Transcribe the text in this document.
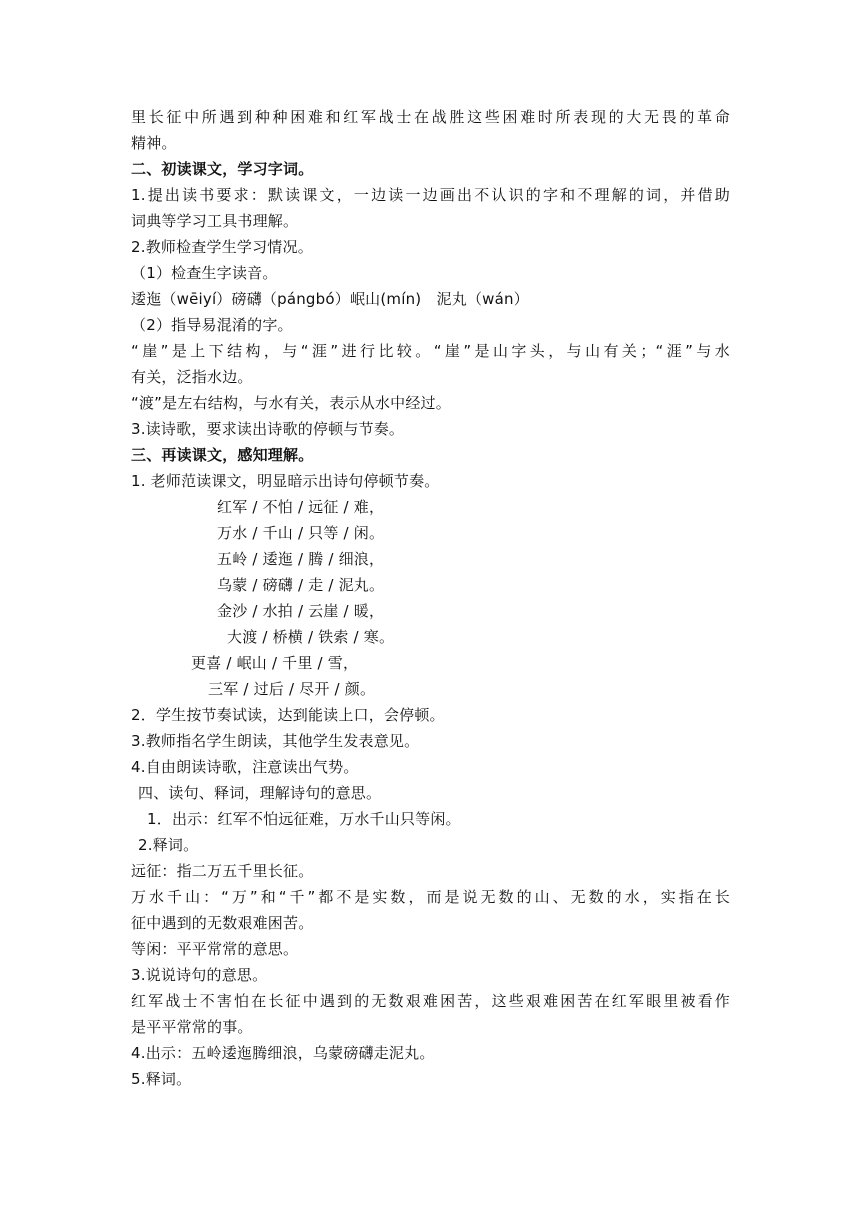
里长征中所遇到种种困难和红军战士在战胜这些困难时所表现的大无畏的革命
精神。
二、初读课文，学习字词。
1.提出读书要求：默读课文，一边读一边画出不认识的字和不理解的词，并借助
词典等学习工具书理解。
2.教师检查学生学习情况。
（1）检查生字读音。
逶迤（wēiyí）磅礴（pángbó）岷山(mín)　泥丸（wán）
（2）指导易混淆的字。
“崖”是上下结构，与“涯”进行比较。“崖”是山字头，与山有关；“涯”与水
有关，泛指水边。
“渡”是左右结构，与水有关，表示从水中经过。
3.读诗歌，要求读出诗歌的停顿与节奏。
三、再读课文，感知理解。
1. 老师范读课文，明显暗示出诗句停顿节奏。
红军 / 不怕 / 远征 / 难，
万水 / 千山 / 只等 / 闲。
五岭 / 逶迤 / 腾 / 细浪，
乌蒙 / 磅礴 / 走 / 泥丸。
金沙 / 水拍 / 云崖 / 暖，
大渡 / 桥横 / 铁索 / 寒。
更喜 / 岷山 / 千里 / 雪，
三军 / 过后 / 尽开 / 颜。
2．学生按节奏试读，达到能读上口，会停顿。
3.教师指名学生朗读，其他学生发表意见。
4.自由朗读诗歌，注意读出气势。
四、读句、释词，理解诗句的意思。
1．出示：红军不怕远征难，万水千山只等闲。
2.释词。
远征：指二万五千里长征。
万水千山：“万”和“千”都不是实数，而是说无数的山、无数的水，实指在长
征中遇到的无数艰难困苦。
等闲：平平常常的意思。
3.说说诗句的意思。
红军战士不害怕在长征中遇到的无数艰难困苦，这些艰难困苦在红军眼里被看作
是平平常常的事。
4.出示：五岭逶迤腾细浪，乌蒙磅礴走泥丸。
5.释词。
